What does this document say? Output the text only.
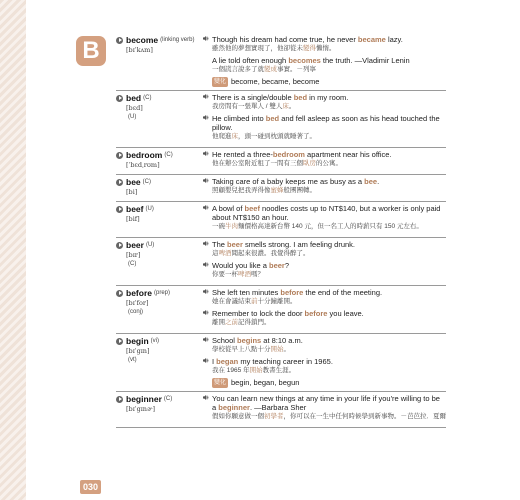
B	become (linking verb)
[bɪˈkʌm]
Though his dream had come true, he never became lazy.
雖然他的夢想實現了，他卻從未變得懶惰。
A lie told often enough becomes the truth. —Vladimir Lenin
一個謊言說多了就變成事實。－列寧
變化 become, became, become
bed (C)
[bɛd]
There is a single/double bed in my room.
我房間有一張單人 / 雙人床。
(U)	He climbed into bed and fell asleep as soon as his head touched the pillow.
他爬進床，頭一碰到枕頭就睡著了。
bedroom (C)
[ˈbɛdˌrʊm]
He rented a three-bedroom apartment near his office.
他在辦公室附近租了一間有三個臥房的公寓。
bee (C)
[bi]
Taking care of a baby keeps me as busy as a bee.
照顧嬰兒把我弄得像蜜蜂般團團轉。
beef (U)
[bif]
A bowl of beef noodles costs up to NT$140, but a worker is only paid about NT$150 an hour.
一碗牛肉麵價格高達新台幣 140 元，但一名工人的時薪只有 150 元左右。
beer (U)
[bɪr]
The beer smells strong. I am feeling drunk.
這啤酒聞起來很濃。我覺得醉了。
(C)	Would you like a beer?
你要一杯啤酒嗎？
before (prep)
[bɪˈfor]
She left ten minutes before the end of the meeting.
她在會議結束前十分鐘離開。
(conj)	Remember to lock the door before you leave.
離開之前記得鎖門。
begin (vi)
[bɪˈgɪn]
School begins at 8:10 a.m.
學校從早上八點十分開始。
(vt)	I began my teaching career in 1965.
我在 1965 年開始教書生涯。
變化 begin, began, begun
beginner (C)
[bɪˈgɪnɚ]
You can learn new things at any time in your life if you're willing to be a beginner. —Barbara Sher
假如你願意做一個初學者，你可以在一生中任何時候學到新事物。－芭芭拉．夏爾
030
